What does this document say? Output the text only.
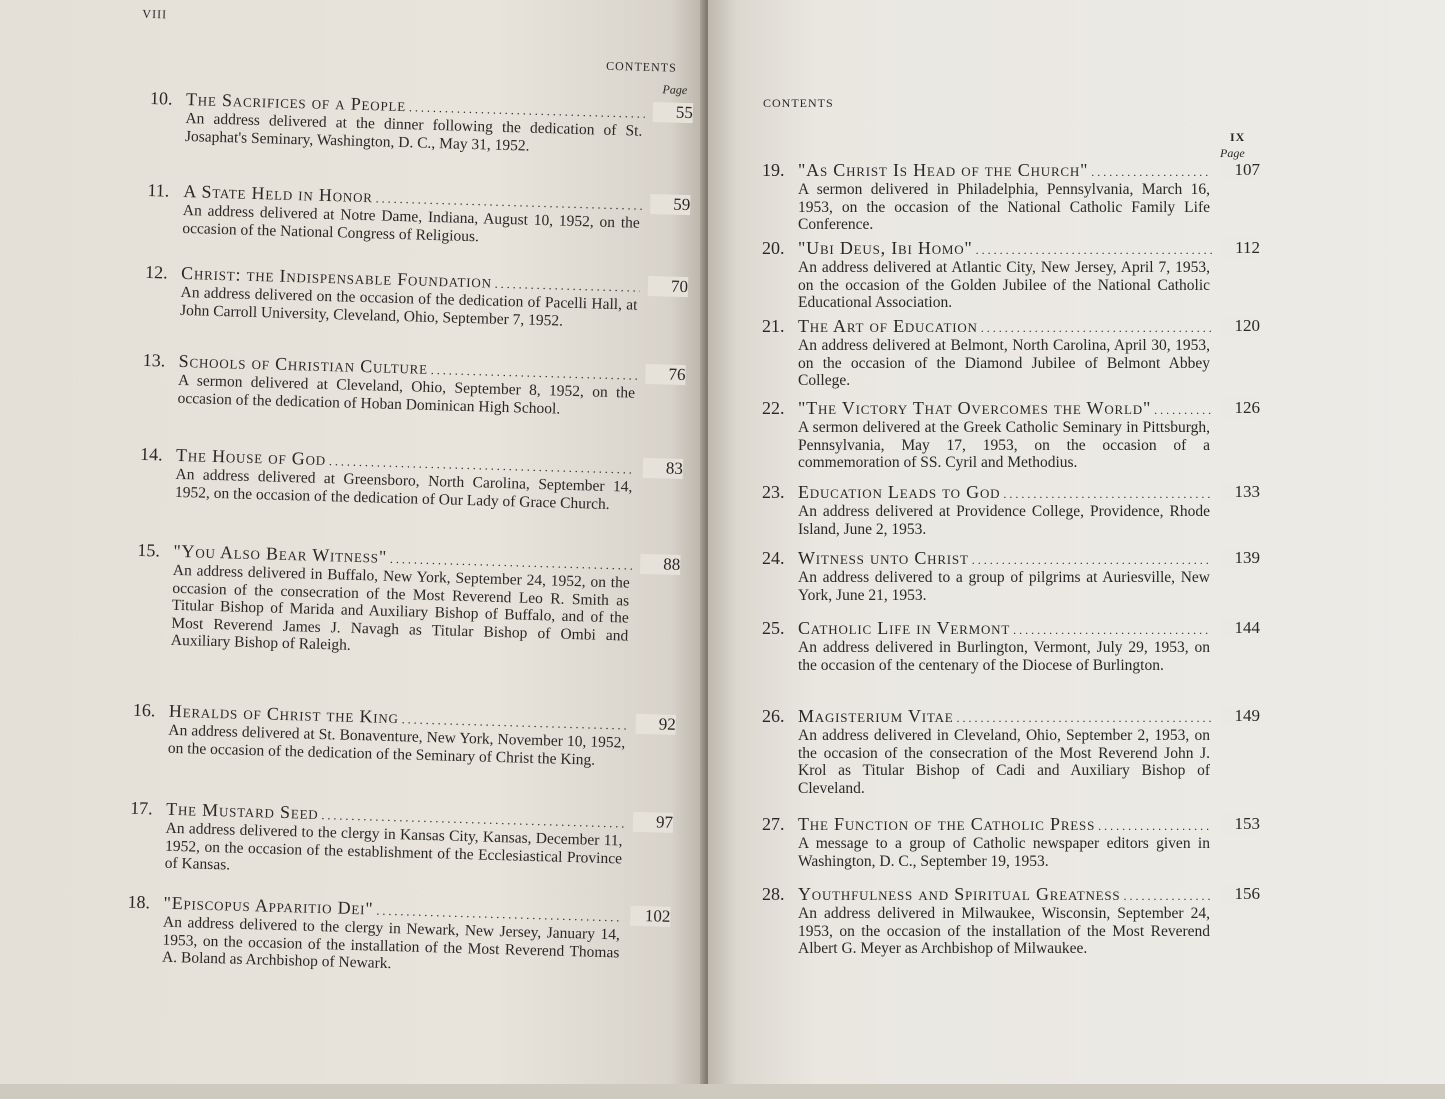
VIII
CONTENTS
Page
10. The Sacrifices of a People . . .	55
An address delivered at the dinner following the dedication of St. Josaphat's Seminary, Washington, D. C., May 31, 1952.
11. A State Held in Honor . . .	59
An address delivered at Notre Dame, Indiana, August 10, 1952, on the occasion of the National Congress of Religious.
12. Christ: the Indispensable Foundation . . .	70
An address delivered on the occasion of the dedication of Pacelli Hall, at John Carroll University, Cleveland, Ohio, September 7, 1952.
13. Schools of Christian Culture . . .	76
A sermon delivered at Cleveland, Ohio, September 8, 1952, on the occasion of the dedication of Hoban Dominican High School.
14. The House of God . . .	83
An address delivered at Greensboro, North Carolina, September 14, 1952, on the occasion of the dedication of Our Lady of Grace Church.
15. "You Also Bear Witness" . . .	88
An address delivered in Buffalo, New York, September 24, 1952, on the occasion of the consecration of the Most Reverend Leo R. Smith as Titular Bishop of Marida and Auxiliary Bishop of Buffalo, and of the Most Reverend James J. Navagh as Titular Bishop of Ombi and Auxiliary Bishop of Raleigh.
16. Heralds of Christ the King . . .	92
An address delivered at St. Bonaventure, New York, November 10, 1952, on the occasion of the dedication of the Seminary of Christ the King.
17. The Mustard Seed . . .	97
An address delivered to the clergy in Kansas City, Kansas, December 11, 1952, on the occasion of the establishment of the Ecclesiastical Province of Kansas.
18. "Episcopus Apparitio Dei" . . .	102
An address delivered to the clergy in Newark, New Jersey, January 14, 1953, on the occasion of the installation of the Most Reverend Thomas A. Boland as Archbishop of Newark.
CONTENTS
IX
Page
19. "As Christ Is Head of the Church" . . .	107
A sermon delivered in Philadelphia, Pennsylvania, March 16, 1953, on the occasion of the National Catholic Family Life Conference.
20. "Ubi Deus, Ibi Homo" . . .	112
An address delivered at Atlantic City, New Jersey, April 7, 1953, on the occasion of the Golden Jubilee of the National Catholic Educational Association.
21. The Art of Education . . .	120
An address delivered at Belmont, North Carolina, April 30, 1953, on the occasion of the Diamond Jubilee of Belmont Abbey College.
22. "The Victory That Overcomes the World" . . .	126
A sermon delivered at the Greek Catholic Seminary in Pittsburgh, Pennsylvania, May 17, 1953, on the occasion of a commemoration of SS. Cyril and Methodius.
23. Education Leads to God . . .	133
An address delivered at Providence College, Providence, Rhode Island, June 2, 1953.
24. Witness unto Christ . . .	139
An address delivered to a group of pilgrims at Auriesville, New York, June 21, 1953.
25. Catholic Life in Vermont . . .	144
An address delivered in Burlington, Vermont, July 29, 1953, on the occasion of the centenary of the Diocese of Burlington.
26. Magisterium Vitae . . .	149
An address delivered in Cleveland, Ohio, September 2, 1953, on the occasion of the consecration of the Most Reverend John J. Krol as Titular Bishop of Cadi and Auxiliary Bishop of Cleveland.
27. The Function of the Catholic Press . . .	153
A message to a group of Catholic newspaper editors given in Washington, D. C., September 19, 1953.
28. Youthfulness and Spiritual Greatness . . .	156
An address delivered in Milwaukee, Wisconsin, September 24, 1953, on the occasion of the installation of the Most Reverend Albert G. Meyer as Archbishop of Milwaukee.
